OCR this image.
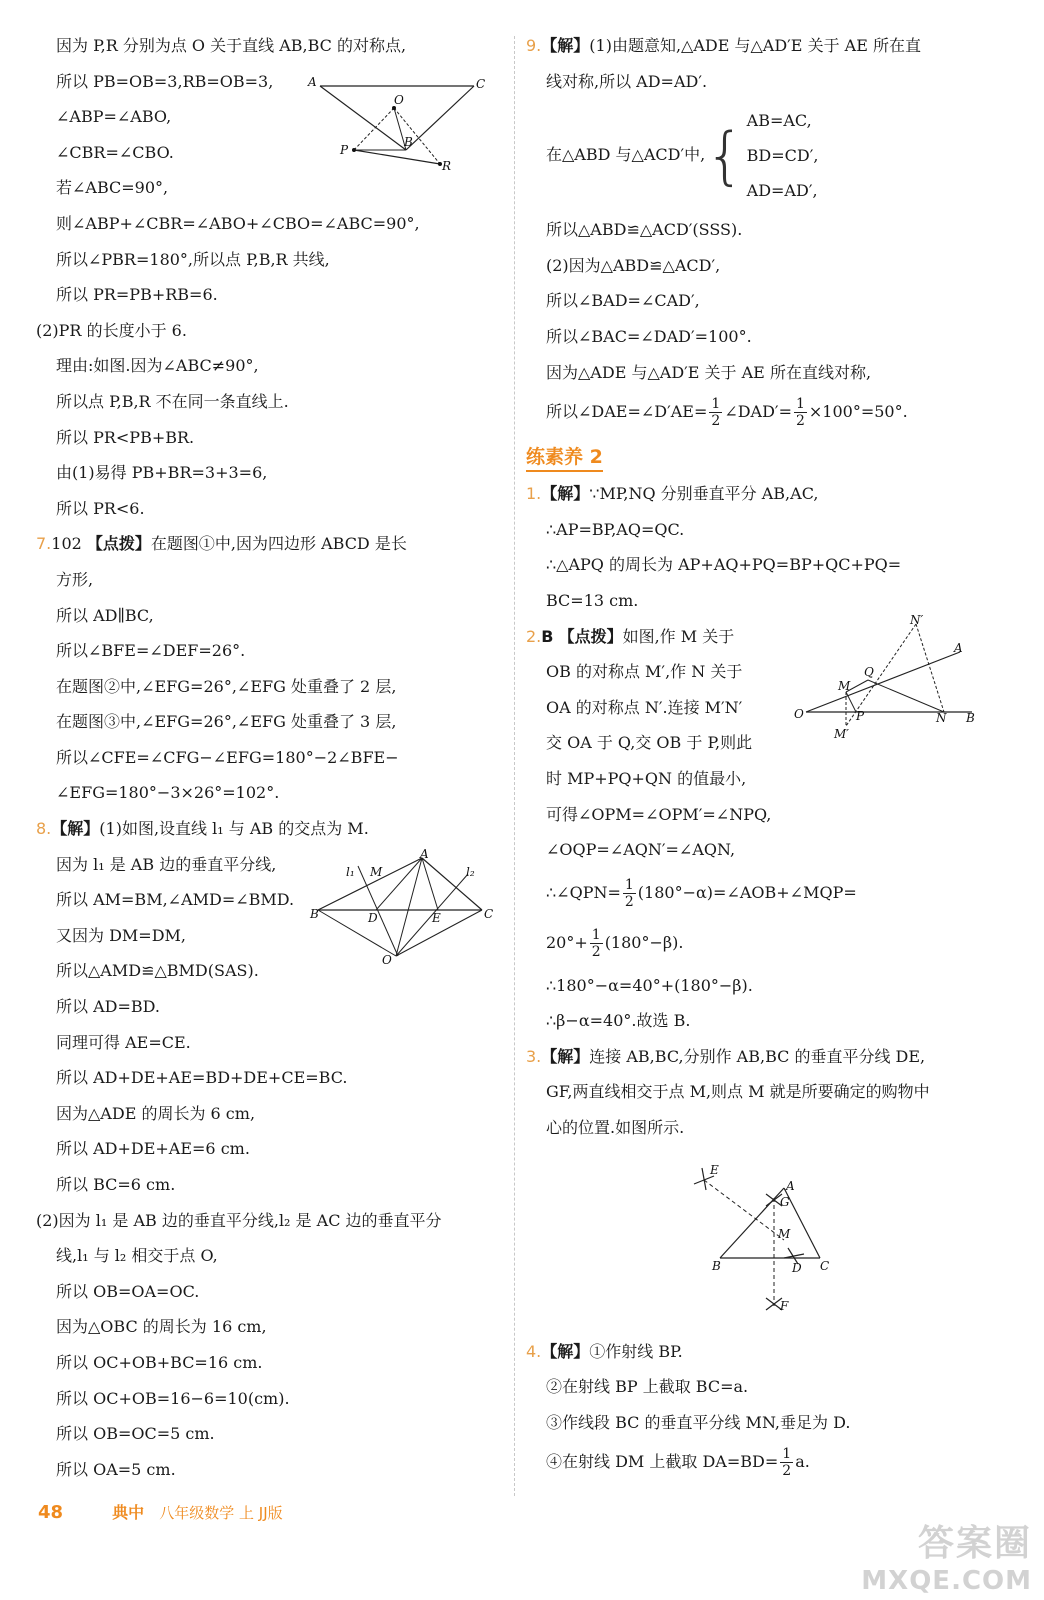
因为 P,R 分别为点 O 关于直线 AB,BC 的对称点,
所以 PB=OB=3,RB=OB=3,
∠ABP=∠ABO,
∠CBR=∠CBO.
若∠ABC=90°,
则∠ABP+∠CBR=∠ABO+∠CBO=∠ABC=90°,
所以∠PBR=180°,所以点 P,B,R 共线,
所以 PR=PB+RB=6.
(2)PR 的长度小于 6.
理由:如图.因为∠ABC≠90°,
所以点 P,B,R 不在同一条直线上.
所以 PR<PB+BR.
由(1)易得 PB+BR=3+3=6,
所以 PR<6.
7.102 【点拨】在题图①中,因为四边形 ABCD 是长
方形,
所以 AD∥BC,
所以∠BFE=∠DEF=26°.
在题图②中,∠EFG=26°,∠EFG 处重叠了 2 层,
在题图③中,∠EFG=26°,∠EFG 处重叠了 3 层,
所以∠CFE=∠CFG−∠EFG=180°−2∠BFE−
∠EFG=180°−3×26°=102°.
8.【解】(1)如图,设直线 l₁ 与 AB 的交点为 M.
因为 l₁ 是 AB 边的垂直平分线,
所以 AM=BM,∠AMD=∠BMD.
又因为 DM=DM,
所以△AMD≌△BMD(SAS).
所以 AD=BD.
同理可得 AE=CE.
所以 AD+DE+AE=BD+DE+CE=BC.
因为△ADE 的周长为 6 cm,
所以 AD+DE+AE=6 cm.
所以 BC=6 cm.
(2)因为 l₁ 是 AB 边的垂直平分线,l₂ 是 AC 边的垂直平分
线,l₁ 与 l₂ 相交于点 O,
所以 OB=OA=OC.
因为△OBC 的周长为 16 cm,
所以 OC+OB+BC=16 cm.
所以 OC+OB=16−6=10(cm).
所以 OB=OC=5 cm.
所以 OA=5 cm.
9.【解】(1)由题意知,△ADE 与△AD′E 关于 AE 所在直
线对称,所以 AD=AD′.
在△ABD 与△ACD′中,{ AB=AC,
BD=CD′,
AD=AD′,
所以△ABD≌△ACD′(SSS).
(2)因为△ABD≌△ACD′,
所以∠BAD=∠CAD′,
所以∠BAC=∠DAD′=100°.
因为△ADE 与△AD′E 关于 AE 所在直线对称,
所以∠DAE=∠D′AE= $\frac{1}{2}$ ∠DAD′= $\frac{1}{2} \times 100^\circ=50^\circ$.
练素养 2
1.【解】∵MP,NQ 分别垂直平分 AB,AC,
∴AP=BP,AQ=QC.
∴△APQ 的周长为 AP+AQ+PQ=BP+QC+PQ=
BC=13 cm.
2.B 【点拨】如图,作 M 关于
OB 的对称点 M′,作 N 关于
OA 的对称点 N′.连接 M′N′
交 OA 于 Q,交 OB 于 P,则此
时 MP+PQ+QN 的值最小,
可得∠OPM=∠OPM′=∠NPQ,
∠OQP=∠AQN′=∠AQN,
∴∠QPN= $\frac{1}{2}$ (180°−α)=∠AOB+∠MQP=
$20^\circ+ \frac{1}{2} (180^\circ-\beta)$.
∴180°−α=40°+(180°−β).
∴β−α=40°.故选 B.
3.【解】连接 AB,BC,分别作 AB,BC 的垂直平分线 DE,
GF,两直线相交于点 M,则点 M 就是所要确定的购物中
心的位置.如图所示.
4.【解】①作射线 BP.
②在射线 BP 上截取 BC=a.
③作线段 BC 的垂直平分线 MN,垂足为 D.
④在射线 DM 上截取 $DA=BD= \frac{1}{2} a$.
A	C
O
P
B
R
l₁	l₂
A
M
B	C
D	E
O
O	B
A
N′
M
Q
P	N
M′
E
A
G
M
B	D C
F
48	典中 八年级数学 上 JJ版
答案圈
MXQE.COM
